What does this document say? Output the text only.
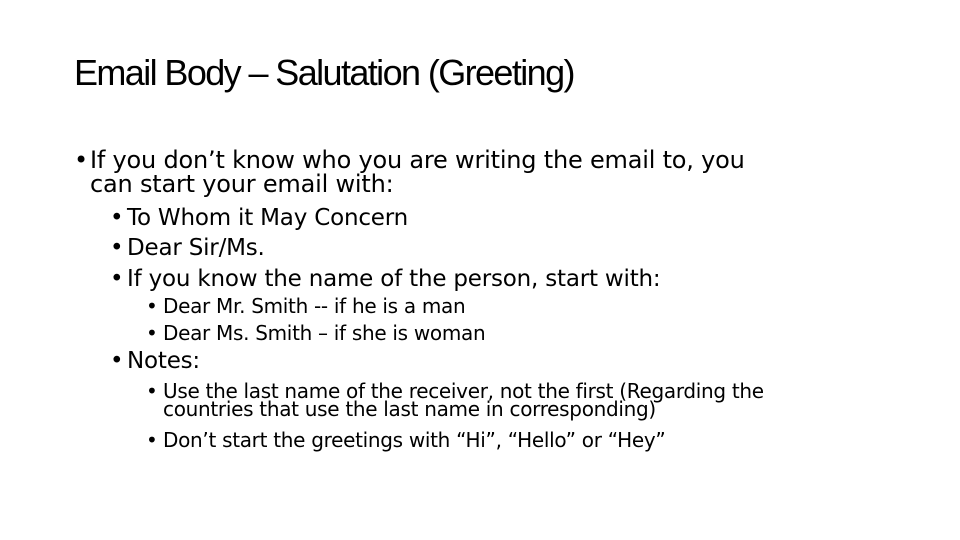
Email Body – Salutation (Greeting)
• If you don’t know who you are writing the email to, you
can start your email with:
• To Whom it May Concern
• Dear Sir/Ms.
• If you know the name of the person, start with:
• Dear Mr. Smith -- if he is a man
• Dear Ms. Smith – if she is woman
• Notes:
• Use the last name of the receiver, not the first (Regarding the
countries that use the last name in corresponding)
• Don’t start the greetings with “Hi”, “Hello” or “Hey”
